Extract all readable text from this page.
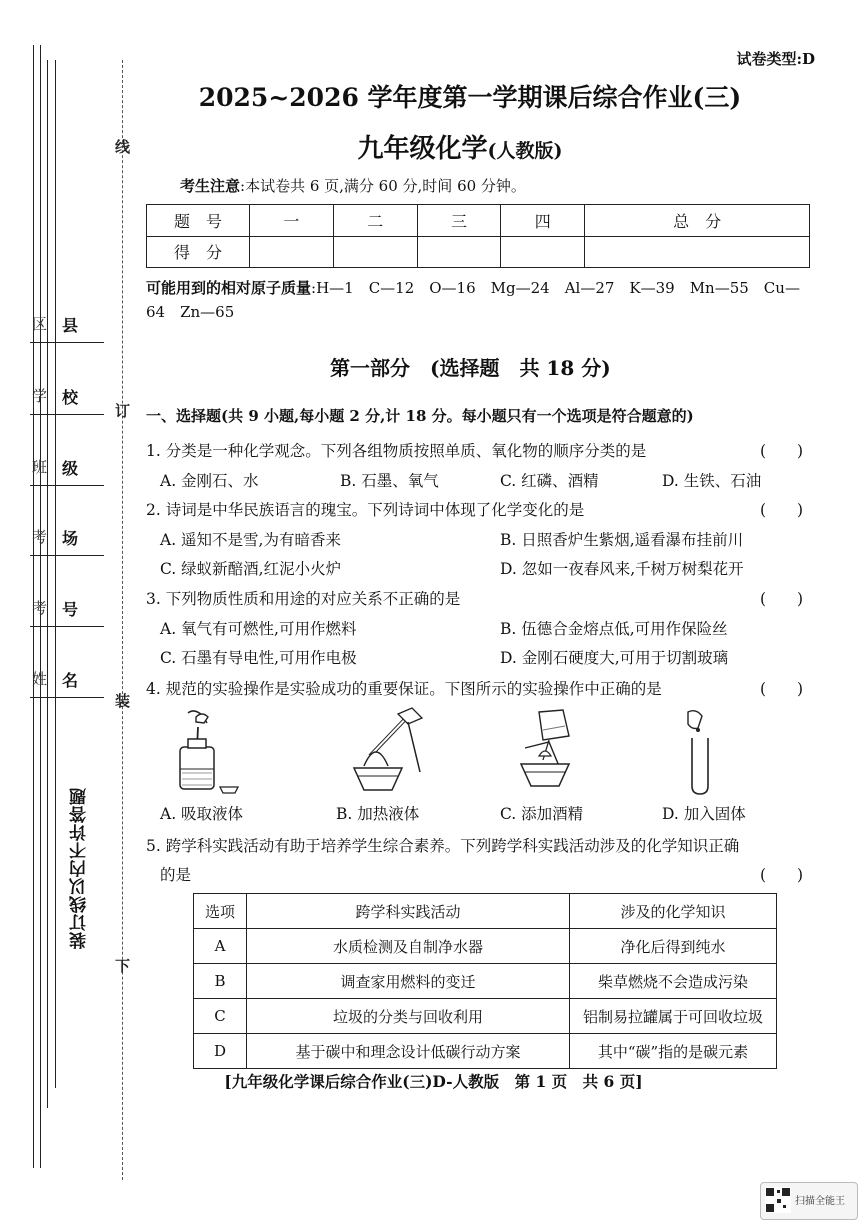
线
订
装
下
区 县
学 校
班 级
考 场
考 号
姓 名
装订线以内不许答题
试卷类型:D
2025~2026 学年度第一学期课后综合作业(三)
九年级化学(人教版)
考生注意:本试卷共 6 页,满分 60 分,时间 60 分钟。
题　号	一	二	三	四	总　分
得　分					
可能用到的相对原子质量:H—1　C—12　O—16　Mg—24　Al—27　K—39　Mn—55　Cu—64　Zn—65
第一部分　(选择题　共 18 分)
一、选择题(共 9 小题,每小题 2 分,计 18 分。每小题只有一个选项是符合题意的)
1. 分类是一种化学观念。下列各组物质按照单质、氧化物的顺序分类的是	(　　)
A. 金刚石、水	B. 石墨、氧气	C. 红磷、酒精	D. 生铁、石油
2. 诗词是中华民族语言的瑰宝。下列诗词中体现了化学变化的是	(　　)
A. 遥知不是雪,为有暗香来	B. 日照香炉生紫烟,遥看瀑布挂前川
C. 绿蚁新醅酒,红泥小火炉	D. 忽如一夜春风来,千树万树梨花开
3. 下列物质性质和用途的对应关系不正确的是	(　　)
A. 氧气有可燃性,可用作燃料	B. 伍德合金熔点低,可用作保险丝
C. 石墨有导电性,可用作电极	D. 金刚石硬度大,可用于切割玻璃
4. 规范的实验操作是实验成功的重要保证。下图所示的实验操作中正确的是	(　　)
A. 吸取液体	B. 加热液体	C. 添加酒精	D. 加入固体
5. 跨学科实践活动有助于培养学生综合素养。下列跨学科实践活动涉及的化学知识正确
的是	(　　)
选项	跨学科实践活动	涉及的化学知识
A	水质检测及自制净水器	净化后得到纯水
B	调查家用燃料的变迁	柴草燃烧不会造成污染
C	垃圾的分类与回收利用	铝制易拉罐属于可回收垃圾
D	基于碳中和理念设计低碳行动方案	其中“碳”指的是碳元素
[九年级化学课后综合作业(三)D-人教版　第 1 页　共 6 页]
扫描全能王
